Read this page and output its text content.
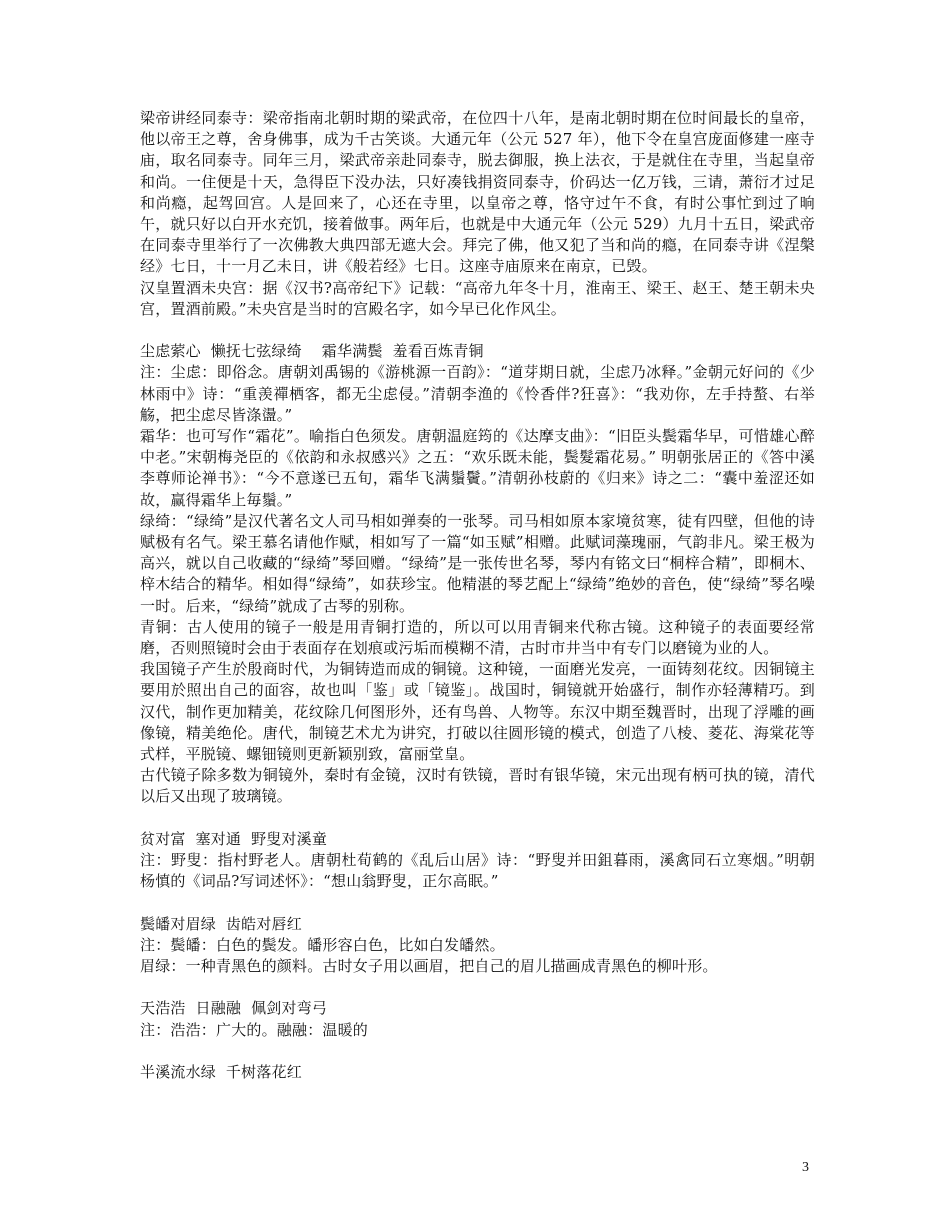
梁帝讲经同泰寺：梁帝指南北朝时期的梁武帝，在位四十八年，是南北朝时期在位时间最长的皇帝，他以帝王之尊，舍身佛事，成为千古笑谈。大通元年（公元 527 年），他下令在皇宫庞面修建一座寺庙，取名同泰寺。同年三月，梁武帝亲赴同泰寺，脱去御服，换上法衣，于是就住在寺里，当起皇帝和尚。一住便是十天，急得臣下没办法，只好凑钱捐资同泰寺，价码达一亿万钱，三请，萧衍才过足和尚瘾，起驾回宫。人是回来了，心还在寺里，以皇帝之尊，恪守过午不食，有时公事忙到过了晌午，就只好以白开水充饥，接着做事。两年后，也就是中大通元年（公元 529）九月十五日，梁武帝在同泰寺里举行了一次佛教大典四部无遮大会。拜完了佛，他又犯了当和尚的瘾，在同泰寺讲《涅槃经》七日，十一月乙未日，讲《般若经》七日。这座寺庙原来在南京，已毁。

汉皇置酒未央宫：据《汉书?高帝纪下》记载：“高帝九年冬十月，淮南王、梁王、赵王、楚王朝未央宫，置酒前殿。”未央宫是当时的宫殿名字，如今早已化作风尘。

尘虑萦心  懒抚七弦绿绮    霜华满鬓  羞看百炼青铜

注：尘虑：即俗念。唐朝刘禹锡的《游桃源一百韵》：“道芽期日就，尘虑乃冰释。”金朝元好问的《少林雨中》诗：“重羡禪栖客，都无尘虑侵。”清朝李渔的《怜香伴?狂喜》：“我劝你，左手持螯、右举觞，把尘虑尽皆涤盪。”

霜华：也可写作“霜花”。喻指白色须发。唐朝温庭筠的《达摩支曲》：“旧臣头鬓霜华早，可惜雄心醉中老。”宋朝梅尧臣的《依韵和永叔感兴》之五：“欢乐既未能，鬓髮霜花易。” 明朝张居正的《答中溪李尊师论禅书》：“今不意遂已五旬，霜华飞满鬚鬢。”清朝孙枝蔚的《归来》诗之二：“囊中羞涩还如故，赢得霜华上毎鬚。”

绿绮：“绿绮”是汉代著名文人司马相如弹奏的一张琴。司马相如原本家境贫寒，徒有四壁，但他的诗赋极有名气。梁王慕名请他作赋，相如写了一篇“如玉赋”相赠。此赋词藻瑰丽，气韵非凡。梁王极为高兴，就以自己收藏的“绿绮”琴回赠。“绿绮”是一张传世名琴，琴内有铭文曰“桐梓合精”，即桐木、梓木结合的精华。相如得“绿绮”，如获珍宝。他精湛的琴艺配上“绿绮”绝妙的音色，使“绿绮”琴名噪一时。后来，“绿绮”就成了古琴的别称。

青铜：古人使用的镜子一般是用青铜打造的，所以可以用青铜来代称古镜。这种镜子的表面要经常磨，否则照镜时会由于表面存在划痕或污垢而模糊不清，古时市井当中有专门以磨镜为业的人。

我国镜子产生於殷商时代，为铜铸造而成的铜镜。这种镜，一面磨光发亮，一面铸刻花纹。因铜镜主要用於照出自己的面容，故也叫「鉴」或「镜鉴」。战国时，铜镜就开始盛行，制作亦轻薄精巧。到汉代，制作更加精美，花纹除几何图形外，还有鸟兽、人物等。东汉中期至魏晋时，出现了浮雕的画像镜，精美绝伦。唐代，制镜艺术尤为讲究，打破以往圆形镜的模式，创造了八棱、菱花、海棠花等式样，平脱镜、螺钿镜则更新颖别致，富丽堂皇。

古代镜子除多数为铜镜外，秦时有金镜，汉时有铁镜，晋时有银华镜，宋元出现有柄可执的镜，清代以后又出现了玻璃镜。

贫对富  塞对通  野叟对溪童

注：野叟：指村野老人。唐朝杜荀鹤的《乱后山居》诗：“野叟并田鉏暮雨，溪禽同石立寒烟。”明朝杨慎的《词品?写词述怀》：“想山翁野叟，正尔高眠。”

鬓皤对眉绿  齿皓对唇红

注：鬓皤：白色的鬓发。皤形容白色，比如白发皤然。

眉绿：一种青黑色的颜料。古时女子用以画眉，把自己的眉儿描画成青黑色的柳叶形。

天浩浩  日融融  佩剑对弯弓

注：浩浩：广大的。融融：温暖的

半溪流水绿  千树落花红

3
